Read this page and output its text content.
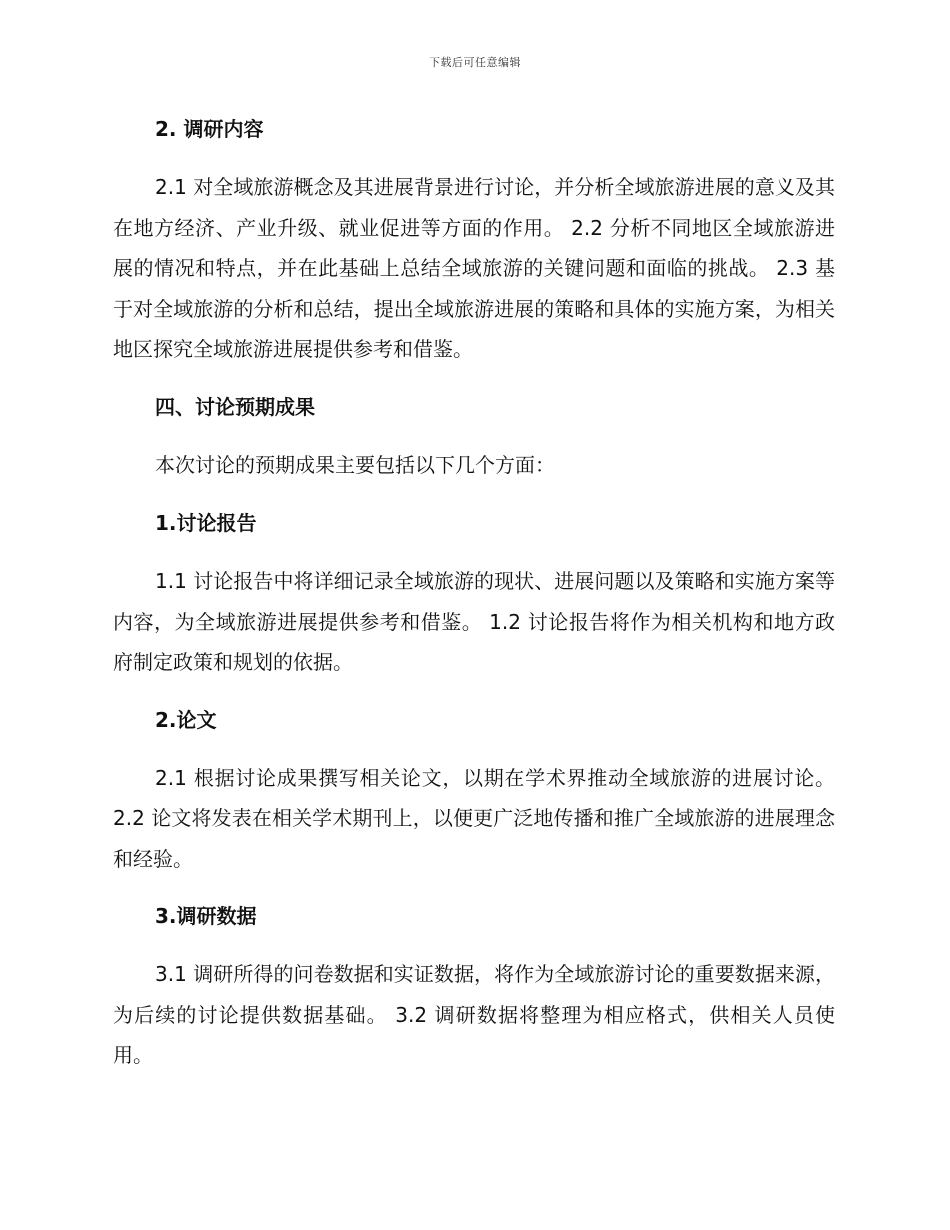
下载后可任意编辑
2. 调研内容
2.1 对全域旅游概念及其进展背景进行讨论，并分析全域旅游进展的意义及其在地方经济、产业升级、就业促进等方面的作用。 2.2 分析不同地区全域旅游进展的情况和特点，并在此基础上总结全域旅游的关键问题和面临的挑战。 2.3 基于对全域旅游的分析和总结，提出全域旅游进展的策略和具体的实施方案，为相关地区探究全域旅游进展提供参考和借鉴。
四、讨论预期成果
本次讨论的预期成果主要包括以下几个方面：
1.讨论报告
1.1 讨论报告中将详细记录全域旅游的现状、进展问题以及策略和实施方案等内容，为全域旅游进展提供参考和借鉴。 1.2 讨论报告将作为相关机构和地方政府制定政策和规划的依据。
2.论文
2.1 根据讨论成果撰写相关论文，以期在学术界推动全域旅游的进展讨论。 2.2 论文将发表在相关学术期刊上，以便更广泛地传播和推广全域旅游的进展理念和经验。
3.调研数据
3.1 调研所得的问卷数据和实证数据，将作为全域旅游讨论的重要数据来源，为后续的讨论提供数据基础。 3.2 调研数据将整理为相应格式，供相关人员使用。
